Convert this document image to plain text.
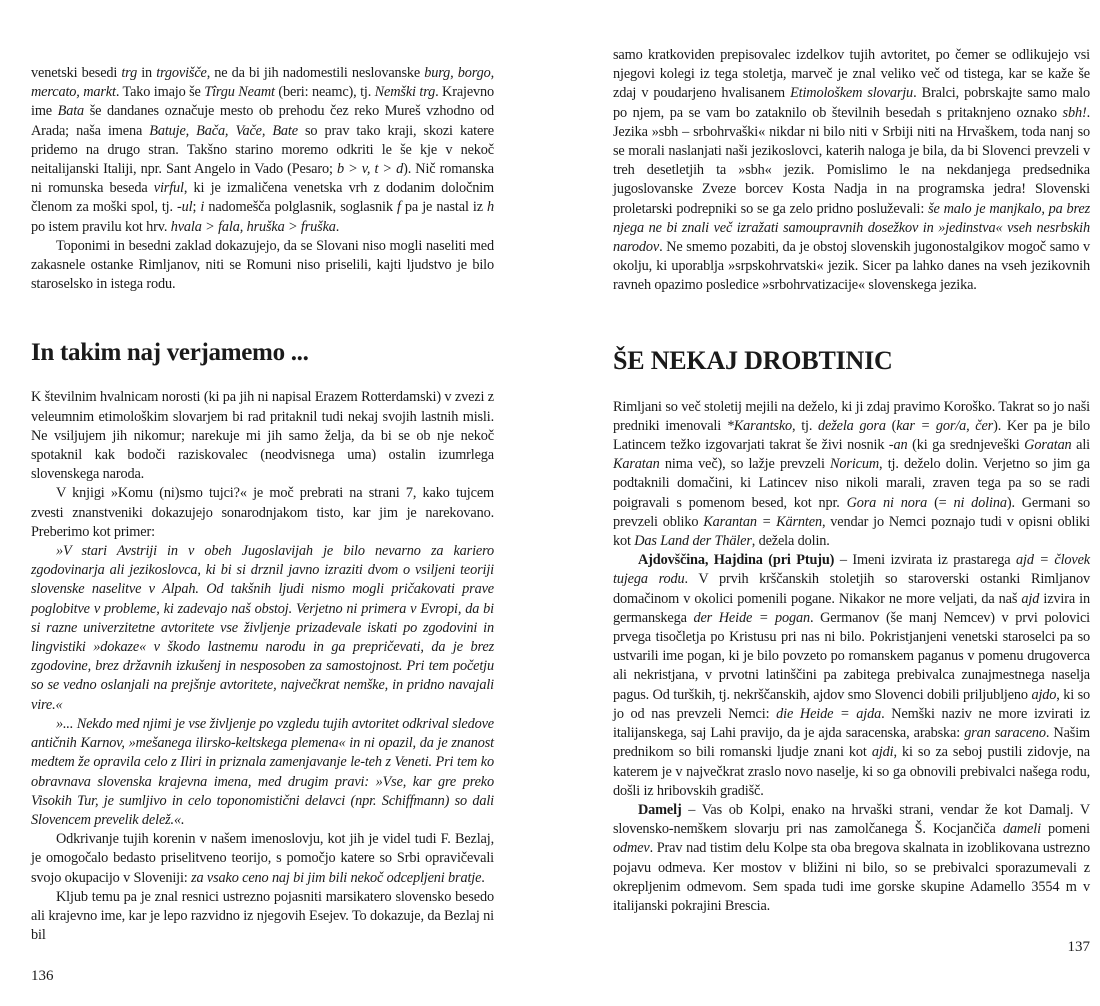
venetski besedi trg in trgovišče, ne da bi jih nadomestili neslovanske burg, borgo, mercato, markt. Tako imajo še Tîrgu Neamt (beri: neamc), tj. Nemški trg. Krajevno ime Bata še dandanes označuje mesto ob prehodu čez reko Mureš vzhodno od Arada; naša imena Batuje, Bača, Vače, Bate so prav tako kraji, skozi katere pridemo na drugo stran. Takšno starino moremo odkriti le še kje v nekoč neitalijanski Italiji, npr. Sant Angelo in Vado (Pesaro; b > v, t > d). Nič romanska ni romunska beseda virful, ki je izmaličena venetska vrh z dodanim določnim členom za moški spol, tj. -ul; i nadomešča polglasnik, soglasnik f pa je nastal iz h po istem pravilu kot hrv. hvala > fala, hruška > fruška.

Toponimi in besedni zaklad dokazujejo, da se Slovani niso mogli naseliti med zakasnele ostanke Rimljanov, niti se Romuni niso priselili, kajti ljudstvo je bilo staroselsko in istega rodu.

In takim naj verjamemo ...

K številnim hvalnicam norosti (ki pa jih ni napisal Erazem Rotterdamski) v zvezi z veleumnim etimološkim slovarjem bi rad pritaknil tudi nekaj svojih lastnih misli. Ne vsiljujem jih nikomur; narekuje mi jih samo želja, da bi se ob nje nekoč spotaknil kak bodoči raziskovalec (neodvisnega uma) ostalin izumrlega slovenskega naroda.

V knjigi »Komu (ni)smo tujci?« je moč prebrati na strani 7, kako tujcem zvesti znanstveniki dokazujejo sonarodnjakom tisto, kar jim je narekovano. Preberimo kot primer:

»V stari Avstriji in v obeh Jugoslavijah je bilo nevarno za kariero zgodovinarja ali jezikoslovca, ki bi si drznil javno izraziti dvom o vsiljeni teoriji slovenske naselitve v Alpah. Od takšnih ljudi nismo mogli pričakovati prave poglobitve v probleme, ki zadevajo naš obstoj. Verjetno ni primera v Evropi, da bi si razne univerzitetne avtoritete vse življenje prizadevale iskati po zgodovini in lingvistiki »dokaze« v škodo lastnemu narodu in ga prepričevati, da je brez zgodovine, brez državnih izkušenj in nesposoben za samostojnost. Pri tem početju so se vedno oslanjali na prejšnje avtoritete, največkrat nemške, in pridno navajali vire.«

»... Nekdo med njimi je vse življenje po vzgledu tujih avtoritet odkrival sledove antičnih Karnov, »mešanega ilirsko-keltskega plemena« in ni opazil, da je znanost medtem že opravila celo z Iliri in priznala zamenjavanje le-teh z Veneti. Pri tem ko obravnava slovenska krajevna imena, med drugim pravi: »Vse, kar gre preko Visokih Tur, je sumljivo in celo toponomistični delavci (npr. Schiffmann) so dali Slovencem prevelik delež.«.

Odkrivanje tujih korenin v našem imenoslovju, kot jih je videl tudi F. Bezlaj, je omogočalo bedasto priselitveno teorijo, s pomočjo katere so Srbi opravičevali svojo okupacijo v Sloveniji: za vsako ceno naj bi jim bili nekoč odcepljeni bratje.

Kljub temu pa je znal resnici ustrezno pojasniti marsikatero slovensko besedo ali krajevno ime, kar je lepo razvidno iz njegovih Esejev. To dokazuje, da Bezlaj ni bil

136

samo kratkoviden prepisovalec izdelkov tujih avtoritet, po čemer se odlikujejo vsi njegovi kolegi iz tega stoletja, marveč je znal veliko več od tistega, kar se kaže še zdaj v poudarjeno hvalisanem Etimološkem slovarju. Bralci, pobrskajte samo malo po njem, pa se vam bo zataknilo ob številnih besedah s pritaknjeno oznako sbh!. Jezika »sbh – srbohrvaški« nikdar ni bilo niti v Srbiji niti na Hrvaškem, toda nanj so se morali naslanjati naši jezikoslovci, katerih naloga je bila, da bi Slovenci prevzeli v treh desetletjih ta »sbh« jezik. Pomislimo le na nekdanjega predsednika jugoslovanske Zveze borcev Kosta Nadja in na programska jedra! Slovenski proletarski podrepniki so se ga zelo pridno posluževali: še malo je manjkalo, pa brez njega ne bi znali več izražati samoupravnih dosežkov in »jedinstva« vseh nesrbskih narodov. Ne smemo pozabiti, da je obstoj slovenskih jugonostalgikov mogoč samo v okolju, ki uporablja »srpskohrvatski« jezik. Sicer pa lahko danes na vseh jezikovnih ravneh opazimo posledice »srbohrvatizacije« slovenskega jezika.

ŠE NEKAJ DROBTINIC

Rimljani so več stoletij mejili na deželo, ki ji zdaj pravimo Koroško. Takrat so jo naši predniki imenovali *Karantsko, tj. dežela gora (kar = gor/a, čer). Ker pa je bilo Latincem težko izgovarjati takrat še živi nosnik -an (ki ga srednjeveški Goratan ali Karatan nima več), so lažje prevzeli Noricum, tj. deželo dolin. Verjetno so jim ga podtaknili domačini, ki Latincev niso nikoli marali, zraven tega pa so se radi poigravali s pomenom besed, kot npr. Gora ni nora (= ni dolina). Germani so prevzeli obliko Karantan = Kärnten, vendar jo Nemci poznajo tudi v opisni obliki kot Das Land der Thäler, dežela dolin.

Ajdovščina, Hajdina (pri Ptuju) – Imeni izvirata iz prastarega ajd = človek tujega rodu. V prvih krščanskih stoletjih so staroverski ostanki Rimljanov domačinom v okolici pomenili pogane. Nikakor ne more veljati, da naš ajd izvira in germanskega der Heide = pogan. Germanov (še manj Nemcev) v prvi polovici prvega tisočletja po Kristusu pri nas ni bilo. Pokristjanjeni venetski staroselci pa so ustvarili ime pogan, ki je bilo povzeto po romanskem paganus v pomenu drugoverca ali nekristjana, v prvotni latinščini pa zabitega prebivalca zunajmestnega naselja pagus. Od turških, tj. nekrščanskih, ajdov smo Slovenci dobili priljubljeno ajdo, ki so jo od nas prevzeli Nemci: die Heide = ajda. Nemški naziv ne more izvirati iz italijanskega, saj Lahi pravijo, da je ajda saracenska, arabska: gran saraceno. Našim prednikom so bili romanski ljudje znani kot ajdi, ki so za seboj pustili zidovje, na katerem je v največkrat zraslo novo naselje, ki so ga obnovili prebivalci našega rodu, došli iz hribovskih gradišč.

Damelj – Vas ob Kolpi, enako na hrvaški strani, vendar že kot Damalj. V slovensko-nemškem slovarju pri nas zamolčanega Š. Kocjančiča dameli pomeni odmev. Prav nad tistim delu Kolpe sta oba bregova skalnata in izoblikovana ustrezno pojavu odmeva. Ker mostov v bližini ni bilo, so se prebivalci sporazumevali z okrepljenim odmevom. Sem spada tudi ime gorske skupine Adamello 3554 m v italijanski pokrajini Brescia.

137
